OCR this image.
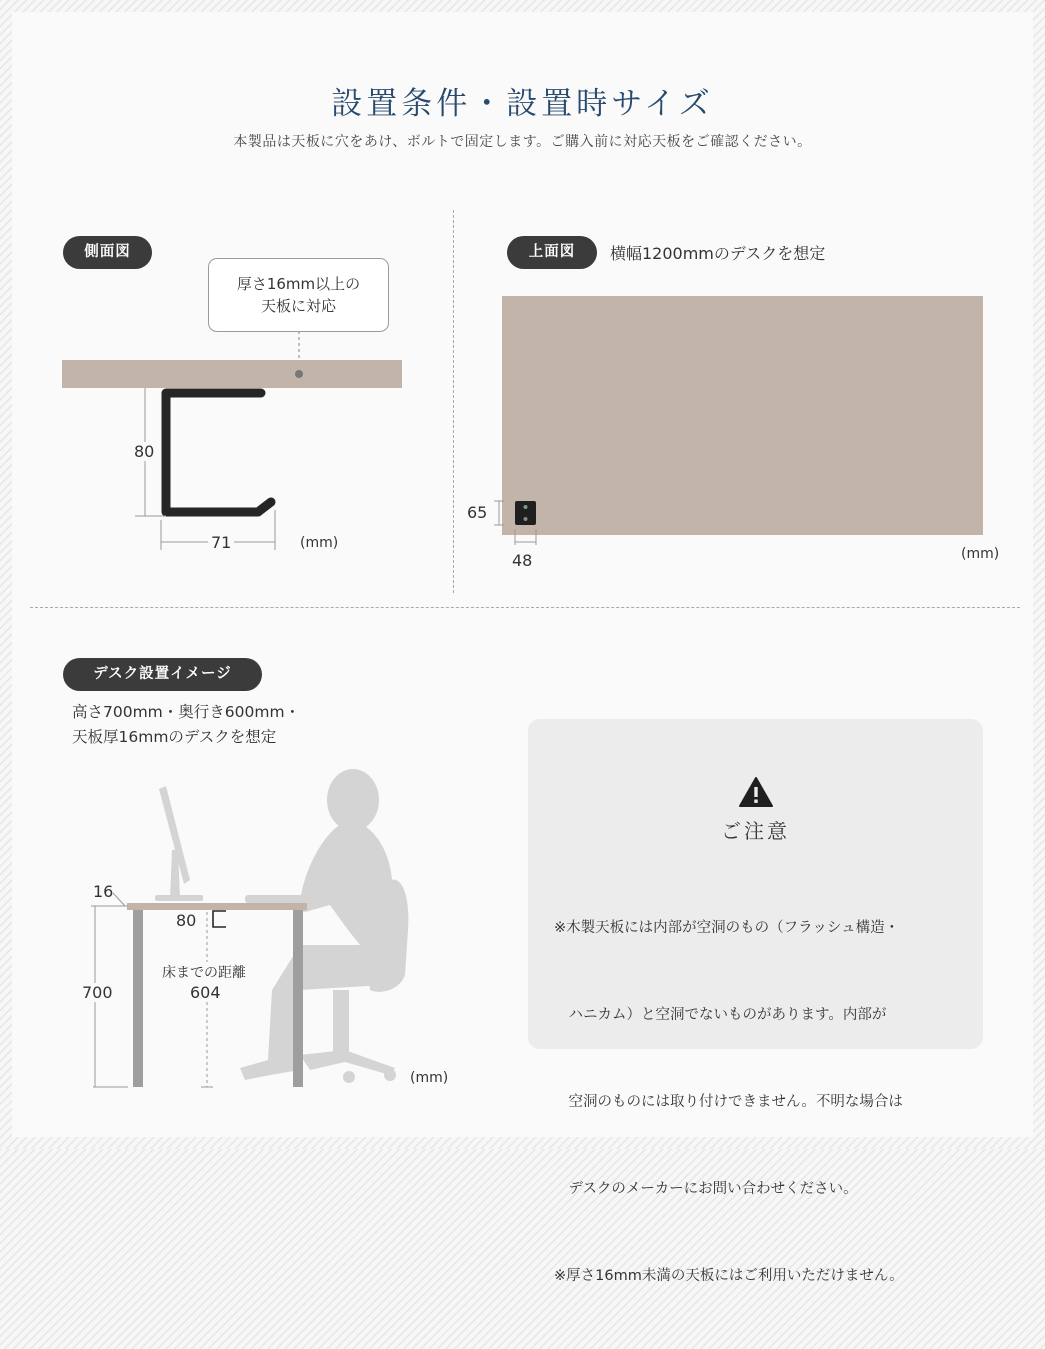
設置条件・設置時サイズ
本製品は天板に穴をあけ、ボルトで固定します。ご購入前に対応天板をご確認ください。
側面図
厚さ16mm以上の
天板に対応
80
71	(mm)
上面図	横幅1200mmのデスクを想定
65
48	(mm)
デスク設置イメージ
高さ700mm・奥行き600mm・
天板厚16mmのデスクを想定
16
80
700
床までの距離
604
(mm)
ご注意

※木製天板には内部が空洞のもの（フラッシュ構造・

　ハニカム）と空洞でないものがあります。内部が

　空洞のものには取り付けできません。不明な場合は

　デスクのメーカーにお問い合わせください。

※厚さ16mm未満の天板にはご利用いただけません。
